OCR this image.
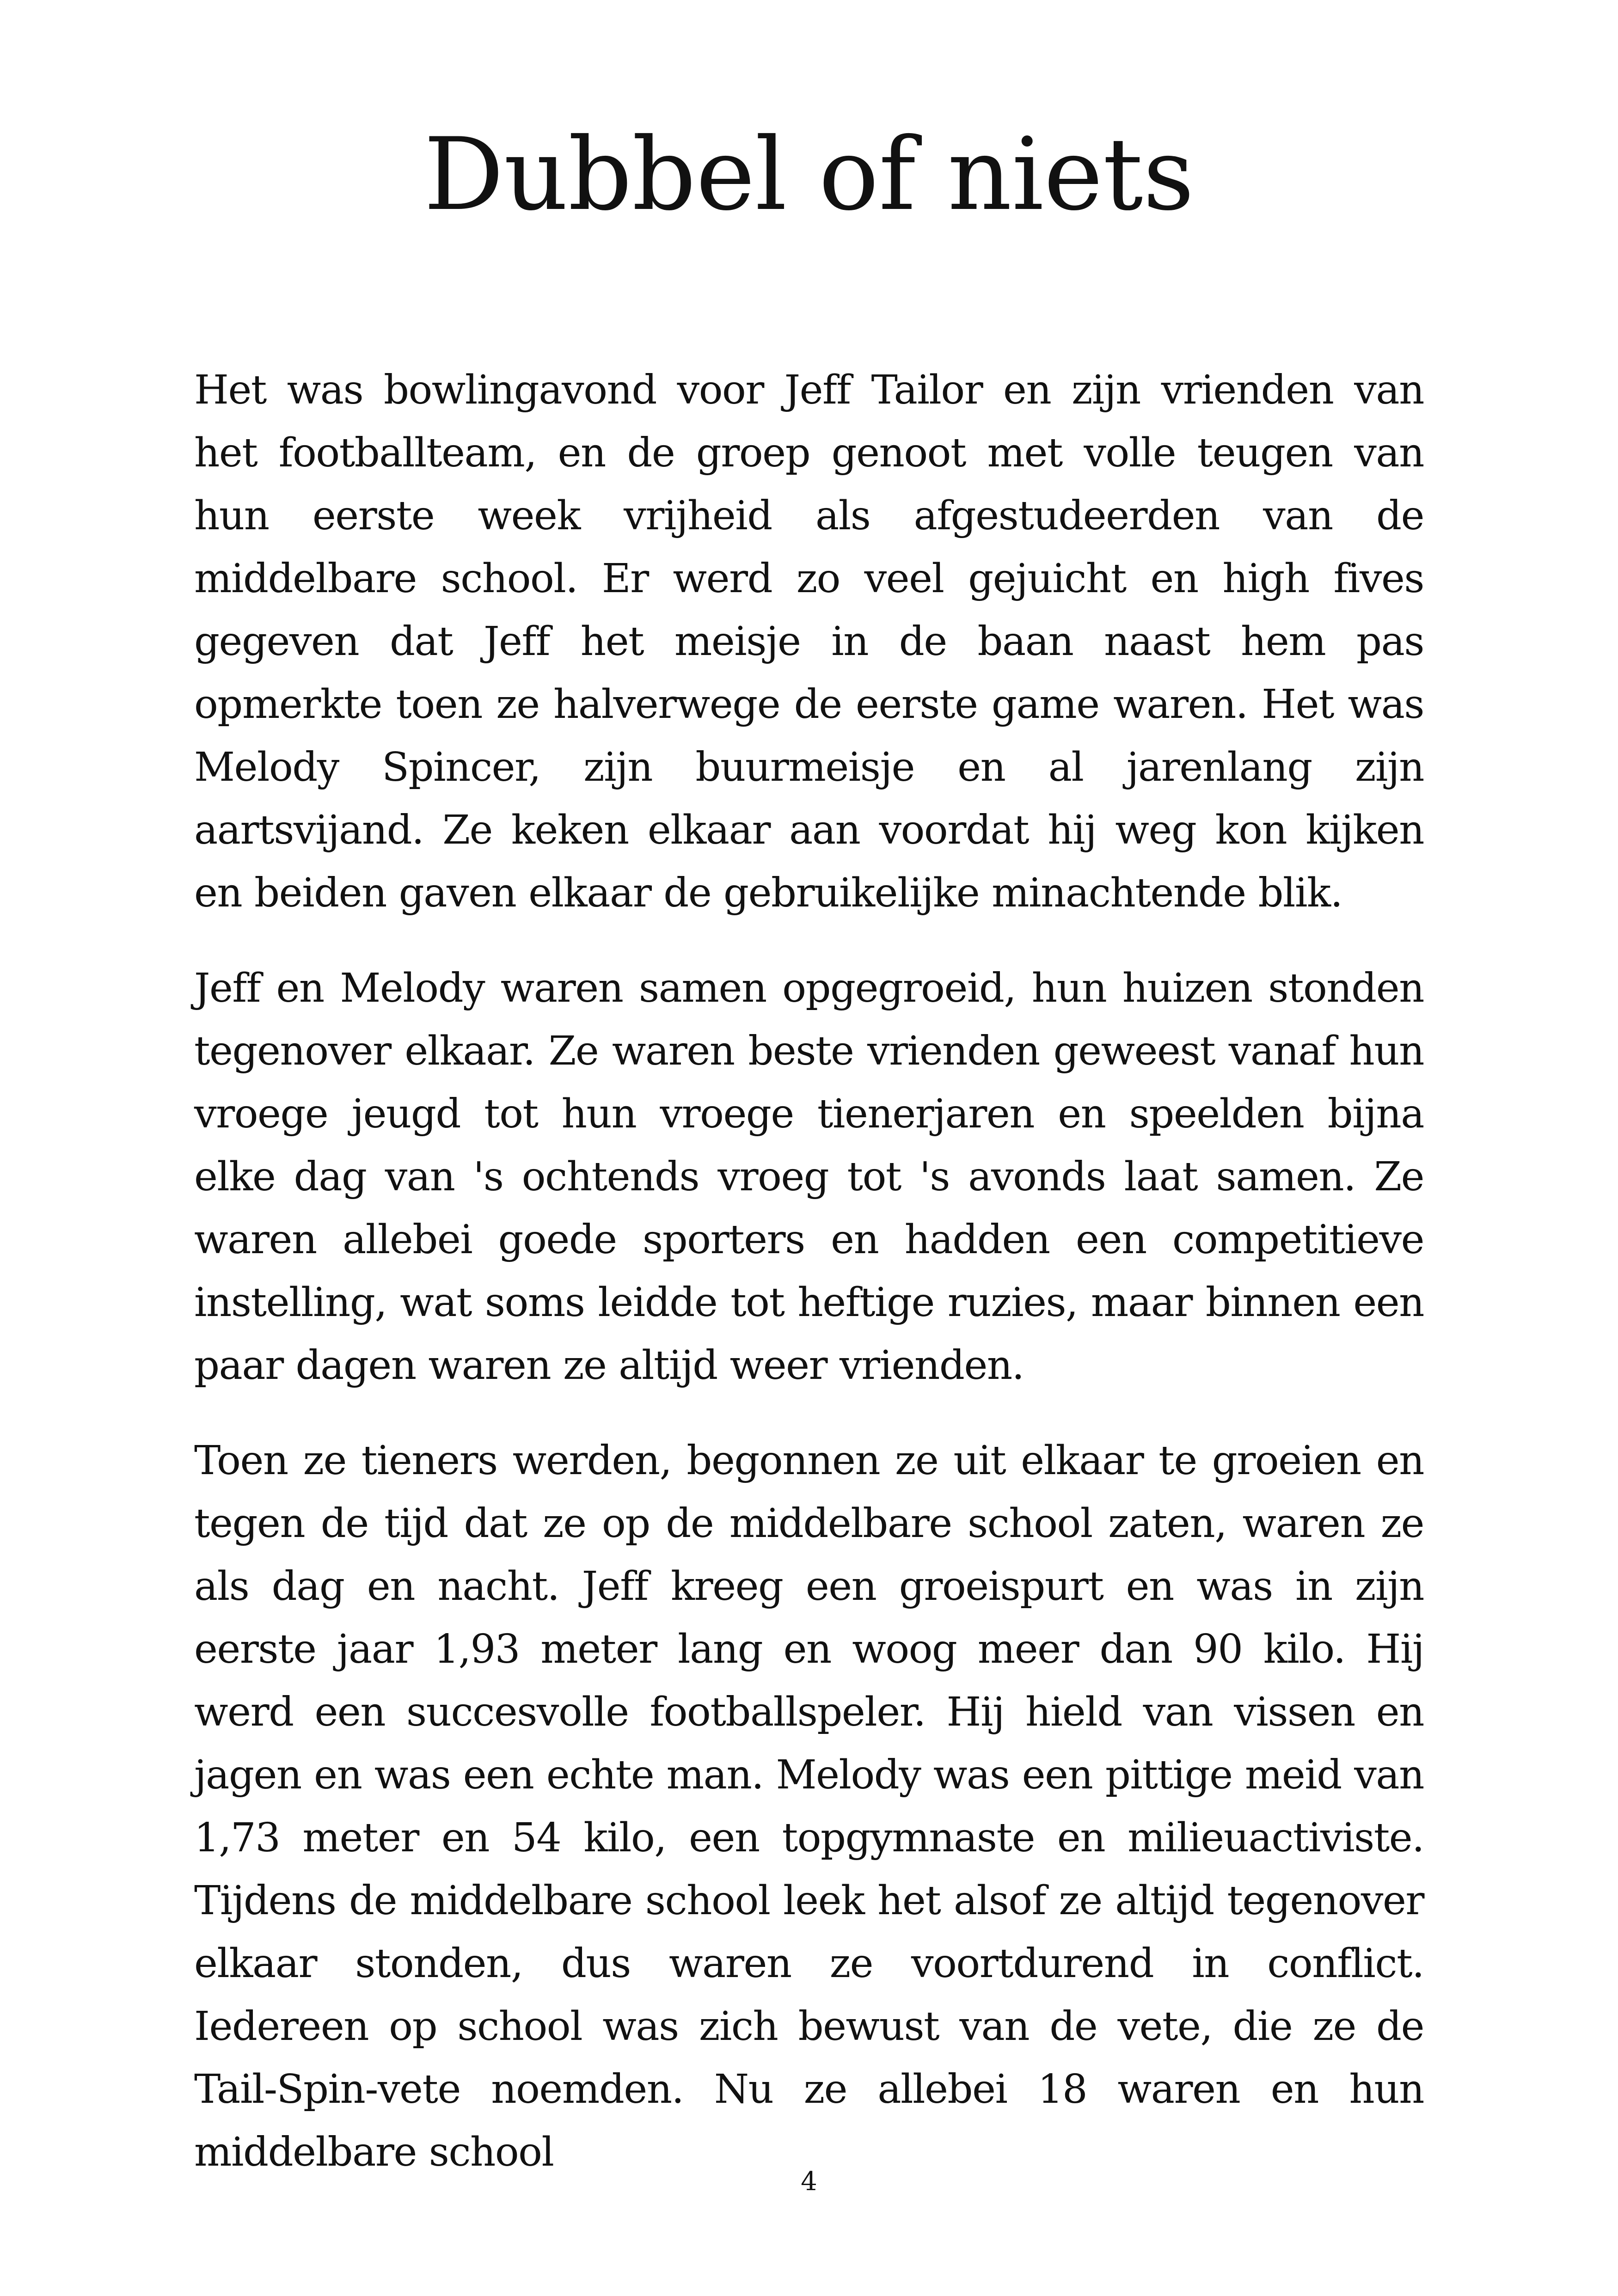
Dubbel of niets

Het was bowlingavond voor Jeff Tailor en zijn vrienden van het footballteam, en de groep genoot met volle teugen van hun eerste week vrijheid als afgestudeerden van de middelbare school. Er werd zo veel gejuicht en high fives gegeven dat Jeff het meisje in de baan naast hem pas opmerkte toen ze halverwege de eerste game waren. Het was Melody Spincer, zijn buurmeisje en al jarenlang zijn aartsvijand. Ze keken elkaar aan voordat hij weg kon kijken en beiden gaven elkaar de gebruikelijke minachtende blik.

Jeff en Melody waren samen opgegroeid, hun huizen stonden tegenover elkaar. Ze waren beste vrienden geweest vanaf hun vroege jeugd tot hun vroege tienerjaren en speelden bijna elke dag van 's ochtends vroeg tot 's avonds laat samen. Ze waren allebei goede sporters en hadden een competitieve instelling, wat soms leidde tot heftige ruzies, maar binnen een paar dagen waren ze altijd weer vrienden.

Toen ze tieners werden, begonnen ze uit elkaar te groeien en tegen de tijd dat ze op de middelbare school zaten, waren ze als dag en nacht. Jeff kreeg een groeispurt en was in zijn eerste jaar 1,93 meter lang en woog meer dan 90 kilo. Hij werd een succesvolle footballspeler. Hij hield van vissen en jagen en was een echte man. Melody was een pittige meid van 1,73 meter en 54 kilo, een topgymnaste en milieuactiviste. Tijdens de middelbare school leek het alsof ze altijd tegenover elkaar stonden, dus waren ze voortdurend in conflict. Iedereen op school was zich bewust van de vete, die ze de Tail-Spin-vete noemden. Nu ze allebei 18 waren en hun middelbare school

4
